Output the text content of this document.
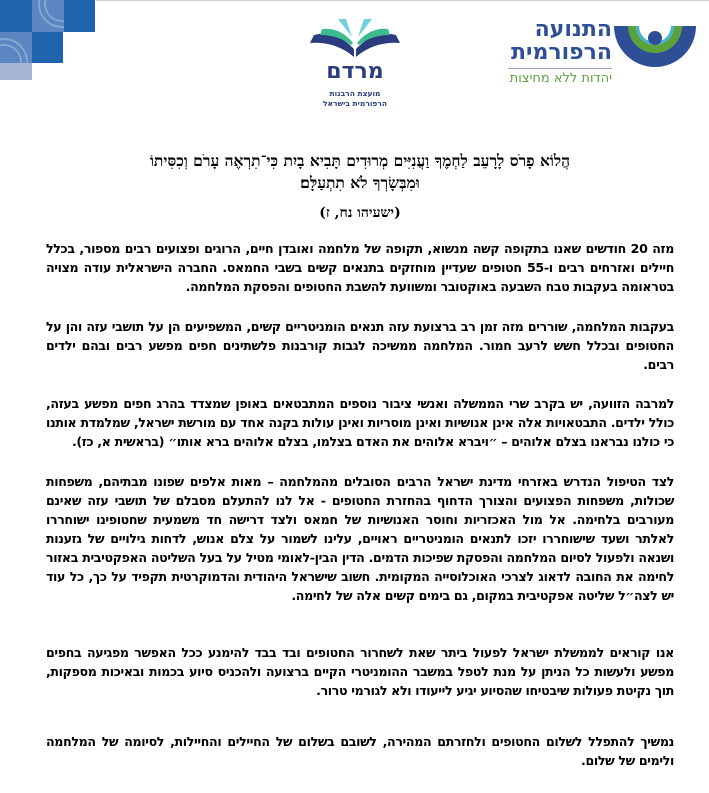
התנועה
הרפורמית
יהדות ללא מחיצות
מרדם
מועצת הרבנות
הרפורמית בישראל
הֲלוֹא פָרֹס לָרָעֵב לַחְמֶךָ וַעֲנִיִּים מְרוּדִים תָּבִיא בָיִת כִּי־תִרְאֶה עָרֹם וְכִסִּיתוֹ
וּמִבְּשָׂרְךָ לֹא תִתְעַלָּם׃
(ישעיהו נח, ז)

מזה 20 חודשים שאנו בתקופה קשה מנשוא, תקופה של מלחמה ואובדן חיים, הרוגים ופצועים רבים מספור, בכלל חיילים ואזרחים רבים ו-55 חטופים שעדיין מוחזקים בתנאים קשים בשבי החמאס. החברה הישראלית עודה מצויה בטראומה בעקבות טבח השבעה באוקטובר ומשוועת להשבת החטופים והפסקת המלחמה.

בעקבות המלחמה, שוררים מזה זמן רב ברצועת עזה תנאים הומניטריים קשים, המשפיעים הן על תושבי עזה והן על החטופים ובכלל חשש לרעב חמור. המלחמה ממשיכה לגבות קורבנות פלשתינים חפים מפשע רבים ובהם ילדים רבים.

למרבה הזוועה, יש בקרב שרי הממשלה ואנשי ציבור נוספים המתבטאים באופן שמצדד בהרג חפים מפשע בעזה, כולל ילדים. התבטאויות אלה אינן אנושיות ואינן מוסריות ואינן עולות בקנה אחד עם מורשת ישראל, שמלמדת אותנו כי כולנו נבראנו בצלם אלוהים – ״ויברא אלוהים את האדם בצלמו, בצלם אלוהים ברא אותו״ (בראשית א, כז).

לצד הטיפול הנדרש באזרחי מדינת ישראל הרבים הסובלים מהמלחמה – מאות אלפים שפונו מבתיהם, משפחות שכולות, משפחות הפצועים והצורך הדחוף בהחזרת החטופים - אל לנו להתעלם מסבלם של תושבי עזה שאינם מעורבים בלחימה. אל מול האכזריות וחוסר האנושיות של חמאס ולצד דרישה חד משמעית שחטופינו ישוחררו לאלתר ושעד שישוחררו יזכו לתנאים הומניטריים ראויים, עלינו לשמור על צלם אנוש, לדחות גילויים של גזענות ושנאה ולפעול לסיום המלחמה והפסקת שפיכות הדמים. הדין הבין-לאומי מטיל על בעל השליטה האפקטיבית באזור לחימה את החובה לדאוג לצרכי האוכלוסייה המקומית. חשוב שישראל היהודית והדמוקרטית תקפיד על כך, כל עוד יש לצה״ל שליטה אפקטיבית במקום, גם בימים קשים אלה של לחימה.

אנו קוראים לממשלת ישראל לפעול ביתר שאת לשחרור החטופים ובד בבד להימנע ככל האפשר מפגיעה בחפים מפשע ולעשות כל הניתן על מנת לטפל במשבר ההומניטרי הקיים ברצועה ולהכניס סיוע בכמות ובאיכות מספקות, תוך נקיטת פעולות שיבטיחו שהסיוע יגיע לייעודו ולא לגורמי טרור.

נמשיך להתפלל לשלום החטופים ולחזרתם המהירה, לשובם בשלום של החיילים והחיילות, לסיומה של המלחמה ולימים של שלום.
